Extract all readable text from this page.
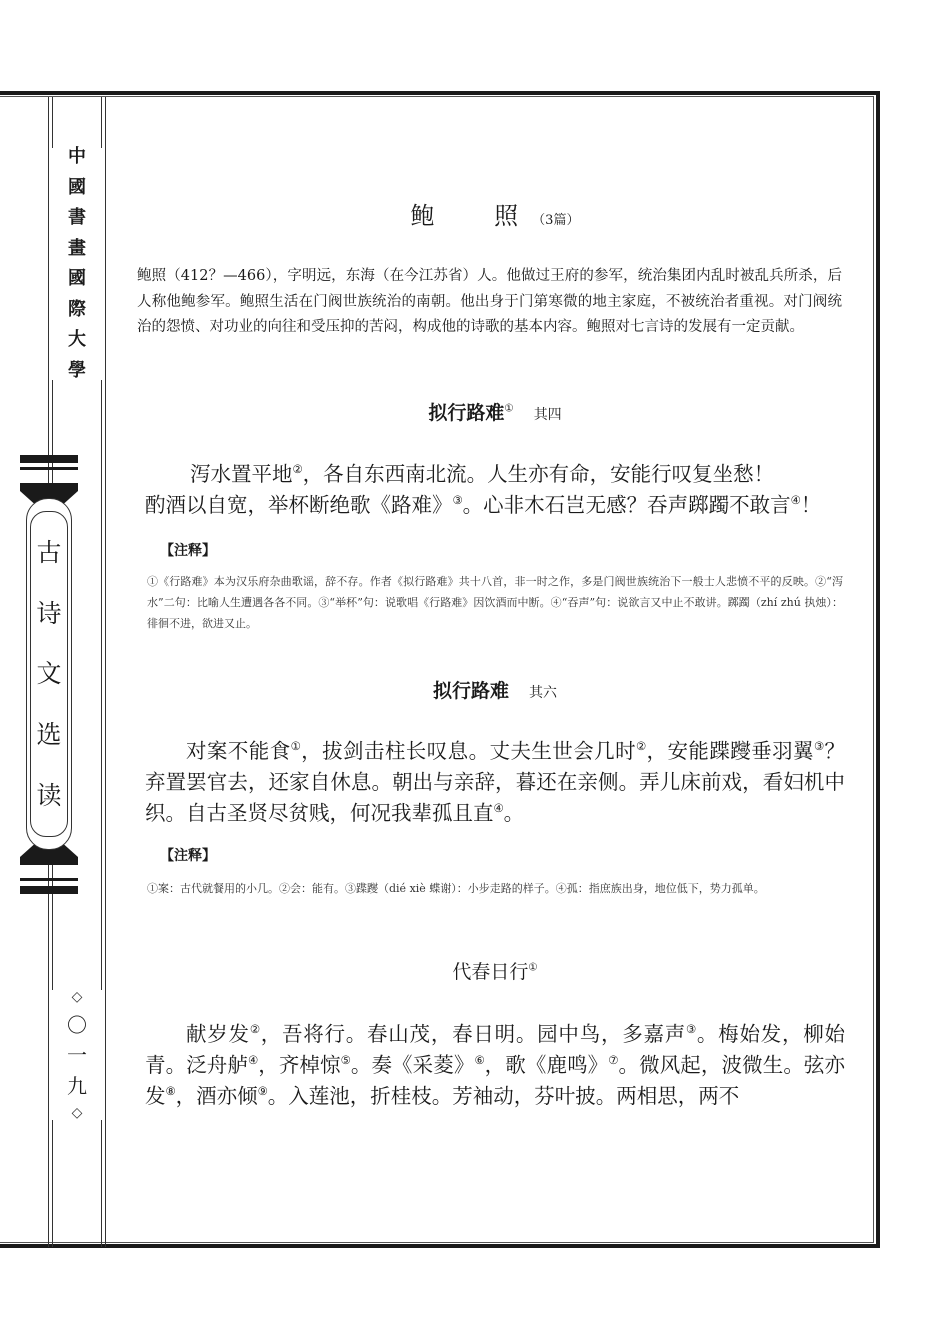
中
國
書
畫
國
際
大
學
古
诗
文
选
读
◇
〇
一
九
◇
鲍 照（3篇）
鲍照（412？—466），字明远，东海（在今江苏省）人。他做过王府的参军，统治集团内乱时被乱兵所杀，后人称他鲍参军。鲍照生活在门阀世族统治的南朝。他出身于门第寒微的地主家庭，不被统治者重视。对门阀统治的怨愤、对功业的向往和受压抑的苦闷，构成他的诗歌的基本内容。鲍照对七言诗的发展有一定贡献。
拟行路难① 其四
泻水置平地②，各自东西南北流。人生亦有命，安能行叹复坐愁！
酌酒以自宽，举杯断绝歌《路难》③。心非木石岂无感？吞声踯躅不敢言④！
【注释】
①《行路难》本为汉乐府杂曲歌谣，辞不存。作者《拟行路难》共十八首，非一时之作，多是门阀世族统治下一般士人悲愤不平的反映。②“泻水”二句：比喻人生遭遇各各不同。③“举杯”句：说歌唱《行路难》因饮酒而中断。④“吞声”句：说欲言又中止不敢讲。踯躅（zhí zhú 执烛）：徘徊不进，欲进又止。
拟行路难 其六
对案不能食①，拔剑击柱长叹息。丈夫生世会几时②，安能蹀躞垂羽翼③？弃置罢官去，还家自休息。朝出与亲辞，暮还在亲侧。弄儿床前戏，看妇机中织。自古圣贤尽贫贱，何况我辈孤且直④。
【注释】
①案：古代就餐用的小几。②会：能有。③蹀躞（dié xiè 蝶谢）：小步走路的样子。④孤：指庶族出身，地位低下，势力孤单。
代春日行①
献岁发②，吾将行。春山茂，春日明。园中鸟，多嘉声③。梅始发，柳始青。泛舟舻④，齐棹惊⑤。奏《采菱》⑥，歌《鹿鸣》⑦。微风起，波微生。弦亦发⑧，酒亦倾⑨。入莲池，折桂枝。芳袖动，芬叶披。两相思，两不
